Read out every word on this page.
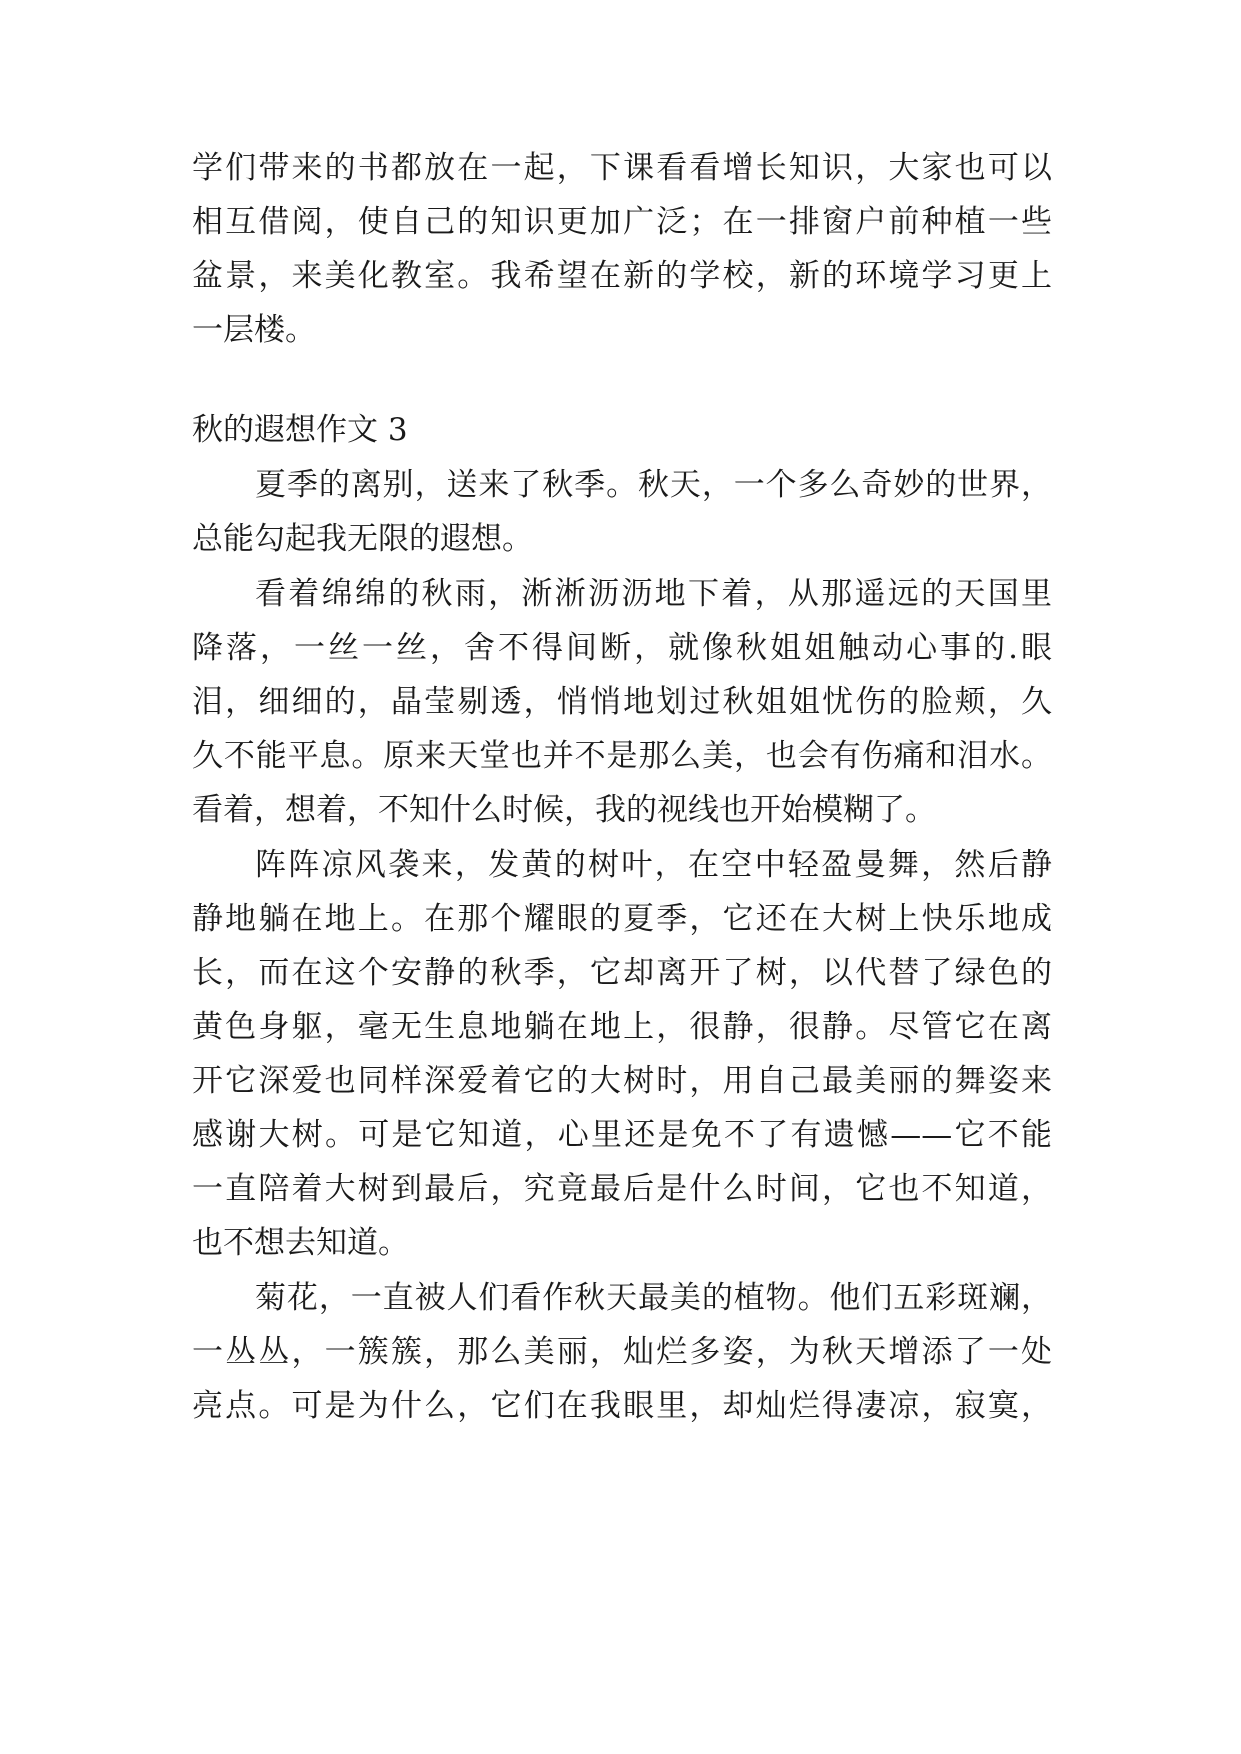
学们带来的书都放在一起，下课看看增长知识，大家也可以

相互借阅，使自己的知识更加广泛；在一排窗户前种植一些

盆景，来美化教室。我希望在新的学校，新的环境学习更上

一层楼。

秋的遐想作文 3

夏季的离别，送来了秋季。秋天，一个多么奇妙的世界，

总能勾起我无限的遐想。

看着绵绵的秋雨，淅淅沥沥地下着，从那遥远的天国里

降落，一丝一丝，舍不得间断，就像秋姐姐触动心事的.眼

泪，细细的，晶莹剔透，悄悄地划过秋姐姐忧伤的脸颊，久

久不能平息。原来天堂也并不是那么美，也会有伤痛和泪水。

看着，想着，不知什么时候，我的视线也开始模糊了。

阵阵凉风袭来，发黄的树叶，在空中轻盈曼舞，然后静

静地躺在地上。在那个耀眼的夏季，它还在大树上快乐地成

长，而在这个安静的秋季，它却离开了树，以代替了绿色的

黄色身躯，毫无生息地躺在地上，很静，很静。尽管它在离

开它深爱也同样深爱着它的大树时，用自己最美丽的舞姿来

感谢大树。可是它知道，心里还是免不了有遗憾——它不能

一直陪着大树到最后，究竟最后是什么时间，它也不知道，

也不想去知道。

菊花，一直被人们看作秋天最美的植物。他们五彩斑斓，

一丛丛，一簇簇，那么美丽，灿烂多姿，为秋天增添了一处

亮点。可是为什么，它们在我眼里，却灿烂得凄凉，寂寞，
